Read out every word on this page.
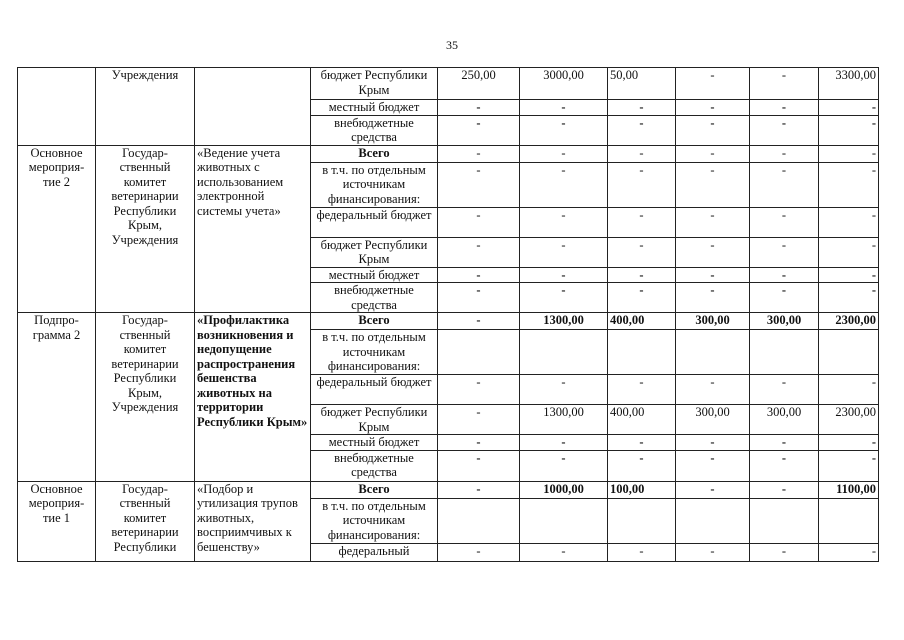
35
	Учреждения		бюджет Республики Крым	250,00	3000,00	50,00	-	-	3300,00
			местный бюджет	-	-	-	-	-	-
			внебюджетные средства	-	-	-	-	-	-
Основное мероприя-тие 2	Государ-ственный комитет ветеринарии Республики Крым, Учреждения	«Ведение учета животных с использованием электронной системы учета»	Всего	-	-	-	-	-	-
			в т.ч. по отдельным источникам финансирования:	-	-	-	-	-	-
			федеральный бюджет	-	-	-	-	-	-
			бюджет Республики Крым	-	-	-	-	-	-
			местный бюджет	-	-	-	-	-	-
			внебюджетные средства	-	-	-	-	-	-
Подпро-грамма 2	Государ-ственный комитет ветеринарии Республики Крым, Учреждения	«Профилактика возникновения и недопущение распространения бешенства животных на территории Республики Крым»	Всего	-	1300,00	400,00	300,00	300,00	2300,00
			в т.ч. по отдельным источникам финансирования:						
			федеральный бюджет	-	-	-	-	-	-
			бюджет Республики Крым	-	1300,00	400,00	300,00	300,00	2300,00
			местный бюджет	-	-	-	-	-	-
			внебюджетные средства	-	-	-	-	-	-
Основное мероприя-тие 1	Государ-ственный комитет ветеринарии Республики	«Подбор и утилизация трупов животных, восприимчивых к бешенству»	Всего	-	1000,00	100,00	-	-	1100,00
			в т.ч. по отдельным источникам финансирования:						
			федеральный	-	-	-	-	-	-
